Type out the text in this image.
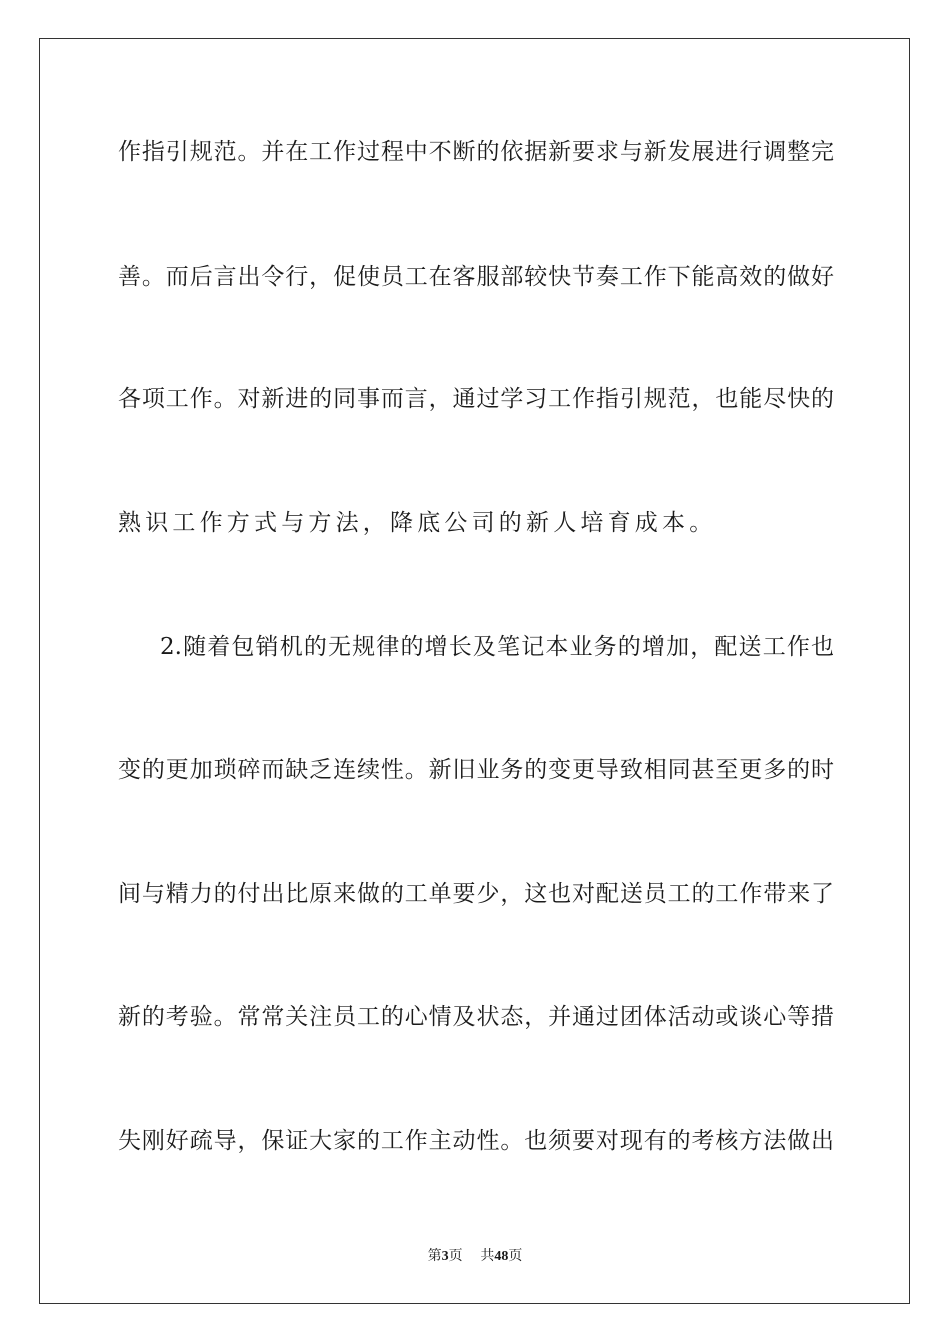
作指引规范。并在工作过程中不断的依据新要求与新发展进行调整完
善。而后言出令行，促使员工在客服部较快节奏工作下能高效的做好
各项工作。对新进的同事而言，通过学习工作指引规范，也能尽快的
熟识工作方式与方法，降底公司的新人培育成本。
2.随着包销机的无规律的增长及笔记本业务的增加，配送工作也
变的更加琐碎而缺乏连续性。新旧业务的变更导致相同甚至更多的时
间与精力的付出比原来做的工单要少，这也对配送员工的工作带来了
新的考验。常常关注员工的心情及状态，并通过团体活动或谈心等措
失刚好疏导，保证大家的工作主动性。也须要对现有的考核方法做出
第3页 共48页
